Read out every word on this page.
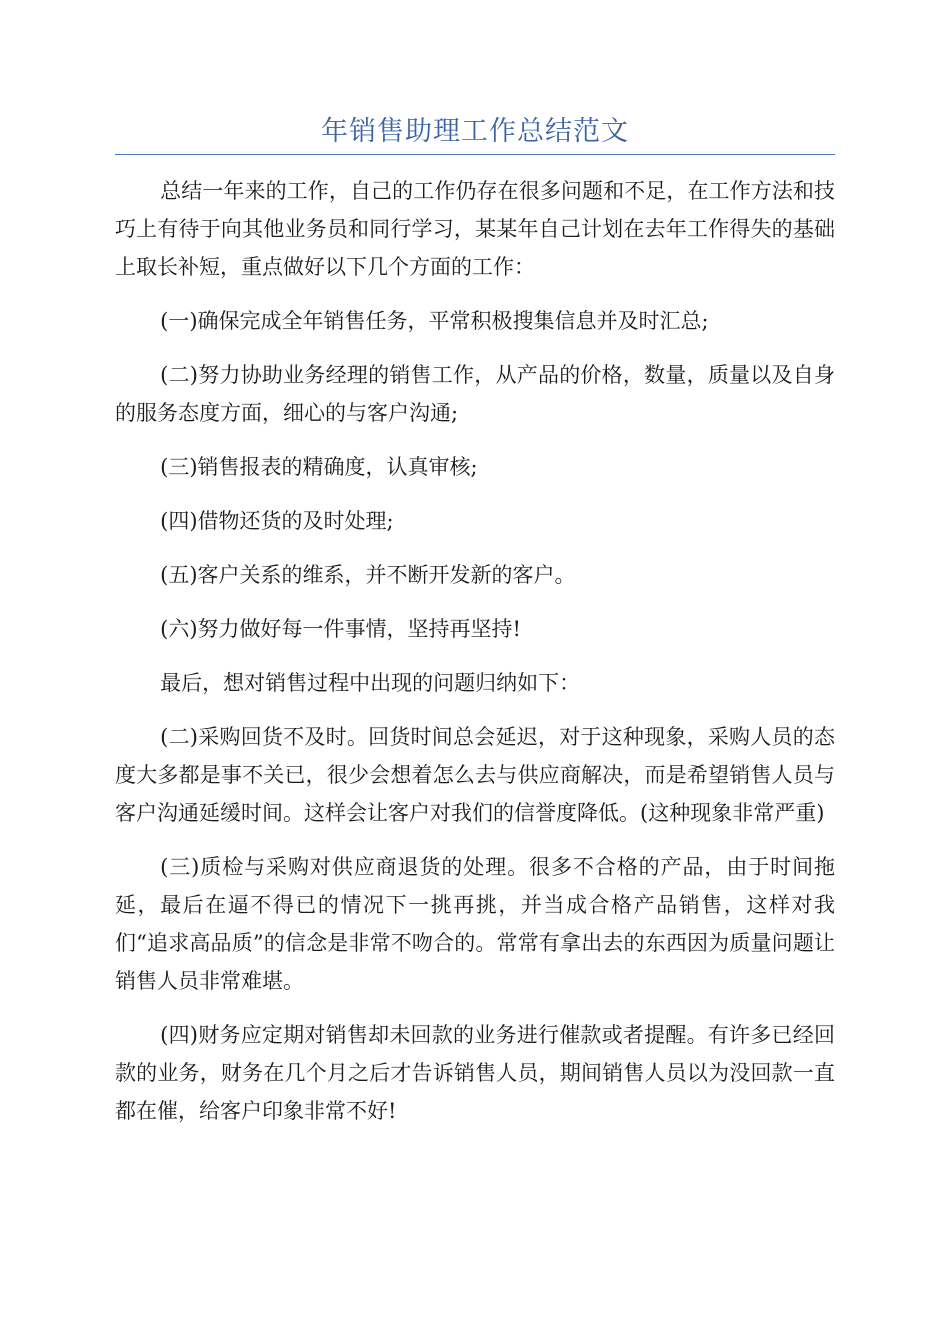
年销售助理工作总结范文

总结一年来的工作，自己的工作仍存在很多问题和不足，在工作方法和技巧上有待于向其他业务员和同行学习，某某年自己计划在去年工作得失的基础上取长补短，重点做好以下几个方面的工作：

(一)确保完成全年销售任务，平常积极搜集信息并及时汇总;

(二)努力协助业务经理的销售工作，从产品的价格，数量，质量以及自身的服务态度方面，细心的与客户沟通;

(三)销售报表的精确度，认真审核;

(四)借物还货的及时处理;

(五)客户关系的维系，并不断开发新的客户。

(六)努力做好每一件事情，坚持再坚持!

最后，想对销售过程中出现的问题归纳如下：

(二)采购回货不及时。回货时间总会延迟，对于这种现象，采购人员的态度大多都是事不关已，很少会想着怎么去与供应商解决，而是希望销售人员与客户沟通延缓时间。这样会让客户对我们的信誉度降低。(这种现象非常严重)

(三)质检与采购对供应商退货的处理。很多不合格的产品，由于时间拖延，最后在逼不得已的情况下一挑再挑，并当成合格产品销售，这样对我们“追求高品质”的信念是非常不吻合的。常常有拿出去的东西因为质量问题让销售人员非常难堪。

(四)财务应定期对销售却未回款的业务进行催款或者提醒。有许多已经回款的业务，财务在几个月之后才告诉销售人员，期间销售人员以为没回款一直都在催，给客户印象非常不好!
